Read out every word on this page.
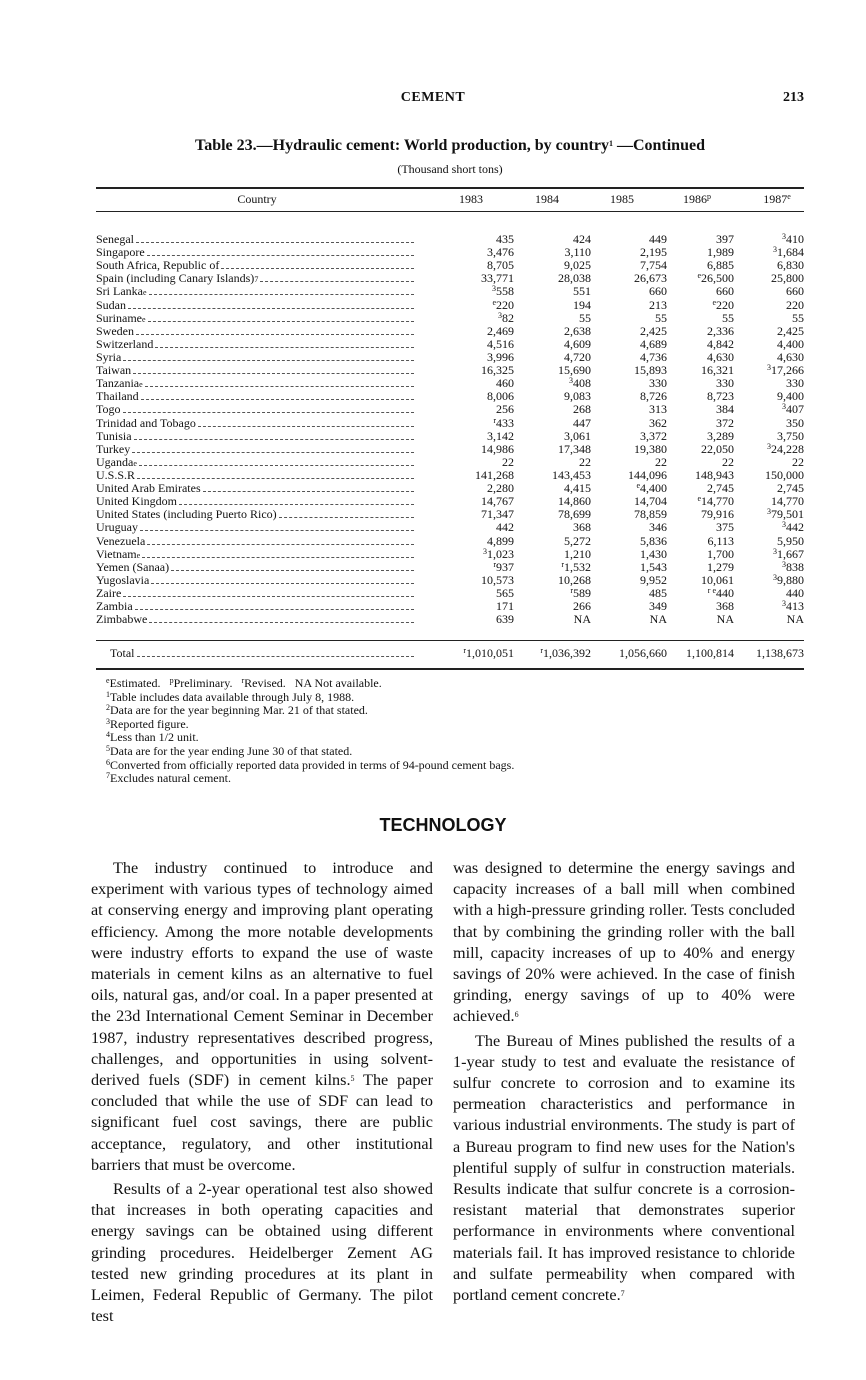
CEMENT	213
Table 23.—Hydraulic cement: World production, by country$^1$ —Continued
(Thousand short tons)
Country	1983	1984	1985	1986$^p$	1987e
Senegal	435	424	449	397	$^3$410

Singapore	3,476	3,110	2,195	1,989	$^3$1,684

South Africa, Republic of	8,705	9,025	7,754	6,885	6,830

Spain (including Canary Islands) 7	33,771	28,038	26,673	$^e$26,500	25,800

Sri Lanka e	$^3$558	551	660	660	660

Sudan	$^e$220	194	213	$^e$220	220

Suriname e	$^3$82	55	55	55	55

Sweden	2,469	2,638	2,425	2,336	2,425

Switzerland	4,516	4,609	4,689	4,842	4,400

Syria	3,996	4,720	4,736	4,630	4,630

Taiwan	16,325	15,690	15,893	16,321	$^3$17,266

Tanzania e	460	$^3$408	330	330	330

Thailand	8,006	9,083	8,726	8,723	9,400

Togo	256	268	313	384	$^3$407

Trinidad and Tobago	$^r$433	447	362	372	350

Tunisia	3,142	3,061	3,372	3,289	3,750

Turkey	14,986	17,348	19,380	22,050	$^3$24,228

Uganda e	22	22	22	22	22

U.S.S.R	141,268	143,453	144,096	148,943	150,000

United Arab Emirates	2,280	4,415	$^e$4,400	2,745	2,745

United Kingdom	14,767	14,860	14,704	$^e$14,770	14,770

United States (including Puerto Rico)	71,347	78,699	78,859	79,916	$^3$79,501

Uruguay	442	368	346	375	$^3$442

Venezuela	4,899	5,272	5,836	6,113	5,950

Vietnam e	$^3$1,023	1,210	1,430	1,700	$^3$1,667

Yemen (Sanaa)	$^r$937	$^r$1,532	1,543	1,279	$^3$838

Yugoslavia	10,573	10,268	9,952	10,061	$^3$9,880

Zaire	565	$^r$589	485	$^{r e}$440	440

Zambia	171	266	349	368	$^3$413

Zimbabwe	639	NA	NA	NA	NA
Total	$^r$1,010,051	$^r$1,036,392	1,056,660	1,100,814	1,138,673
$^e$Estimated.   $^p$Preliminary. $^r$Revised. NA Not available.
$^1$Table includes data available through July 8, 1988.
$^2$Data are for the year beginning Mar. 21 of that stated.
$^3$Reported figure.
$^4$Less than 1/2 unit.
$^5$Data are for the year ending June 30 of that stated.
$^6$Converted from officially reported data provided in terms of 94-pound cement bags.
$^7$Excludes natural cement.
TECHNOLOGY

The industry continued to introduce and experiment with various types of technology aimed at conserving energy and improving plant operating efficiency. Among the more notable developments were industry efforts to expand the use of waste materials in cement kilns as an alternative to fuel oils, natural gas, and/or coal. In a paper presented at the 23d International Cement Seminar in December 1987, industry representatives described progress, challenges, and opportunities in using solvent-derived fuels (SDF) in cement kilns.$^5$ The paper concluded that while the use of SDF can lead to significant fuel cost savings, there are public acceptance, regulatory, and other institutional barriers that must be overcome.

Results of a 2-year operational test also showed that increases in both operating capacities and energy savings can be obtained using different grinding procedures. Heidelberger Zement AG tested new grinding procedures at its plant in Leimen, Federal Republic of Germany. The pilot test

was designed to determine the energy savings and capacity increases of a ball mill when combined with a high-pressure grinding roller. Tests concluded that by combining the grinding roller with the ball mill, capacity increases of up to 40% and energy savings of 20% were achieved. In the case of finish grinding, energy savings of up to 40% were achieved.$^6$

The Bureau of Mines published the results of a 1-year study to test and evaluate the resistance of sulfur concrete to corrosion and to examine its permeation characteristics and performance in various industrial environments. The study is part of a Bureau program to find new uses for the Nation's plentiful supply of sulfur in construction materials. Results indicate that sulfur concrete is a corrosion-resistant material that demonstrates superior performance in environments where conventional materials fail. It has improved resistance to chloride and sulfate permeability when compared with portland cement concrete.$^7$
